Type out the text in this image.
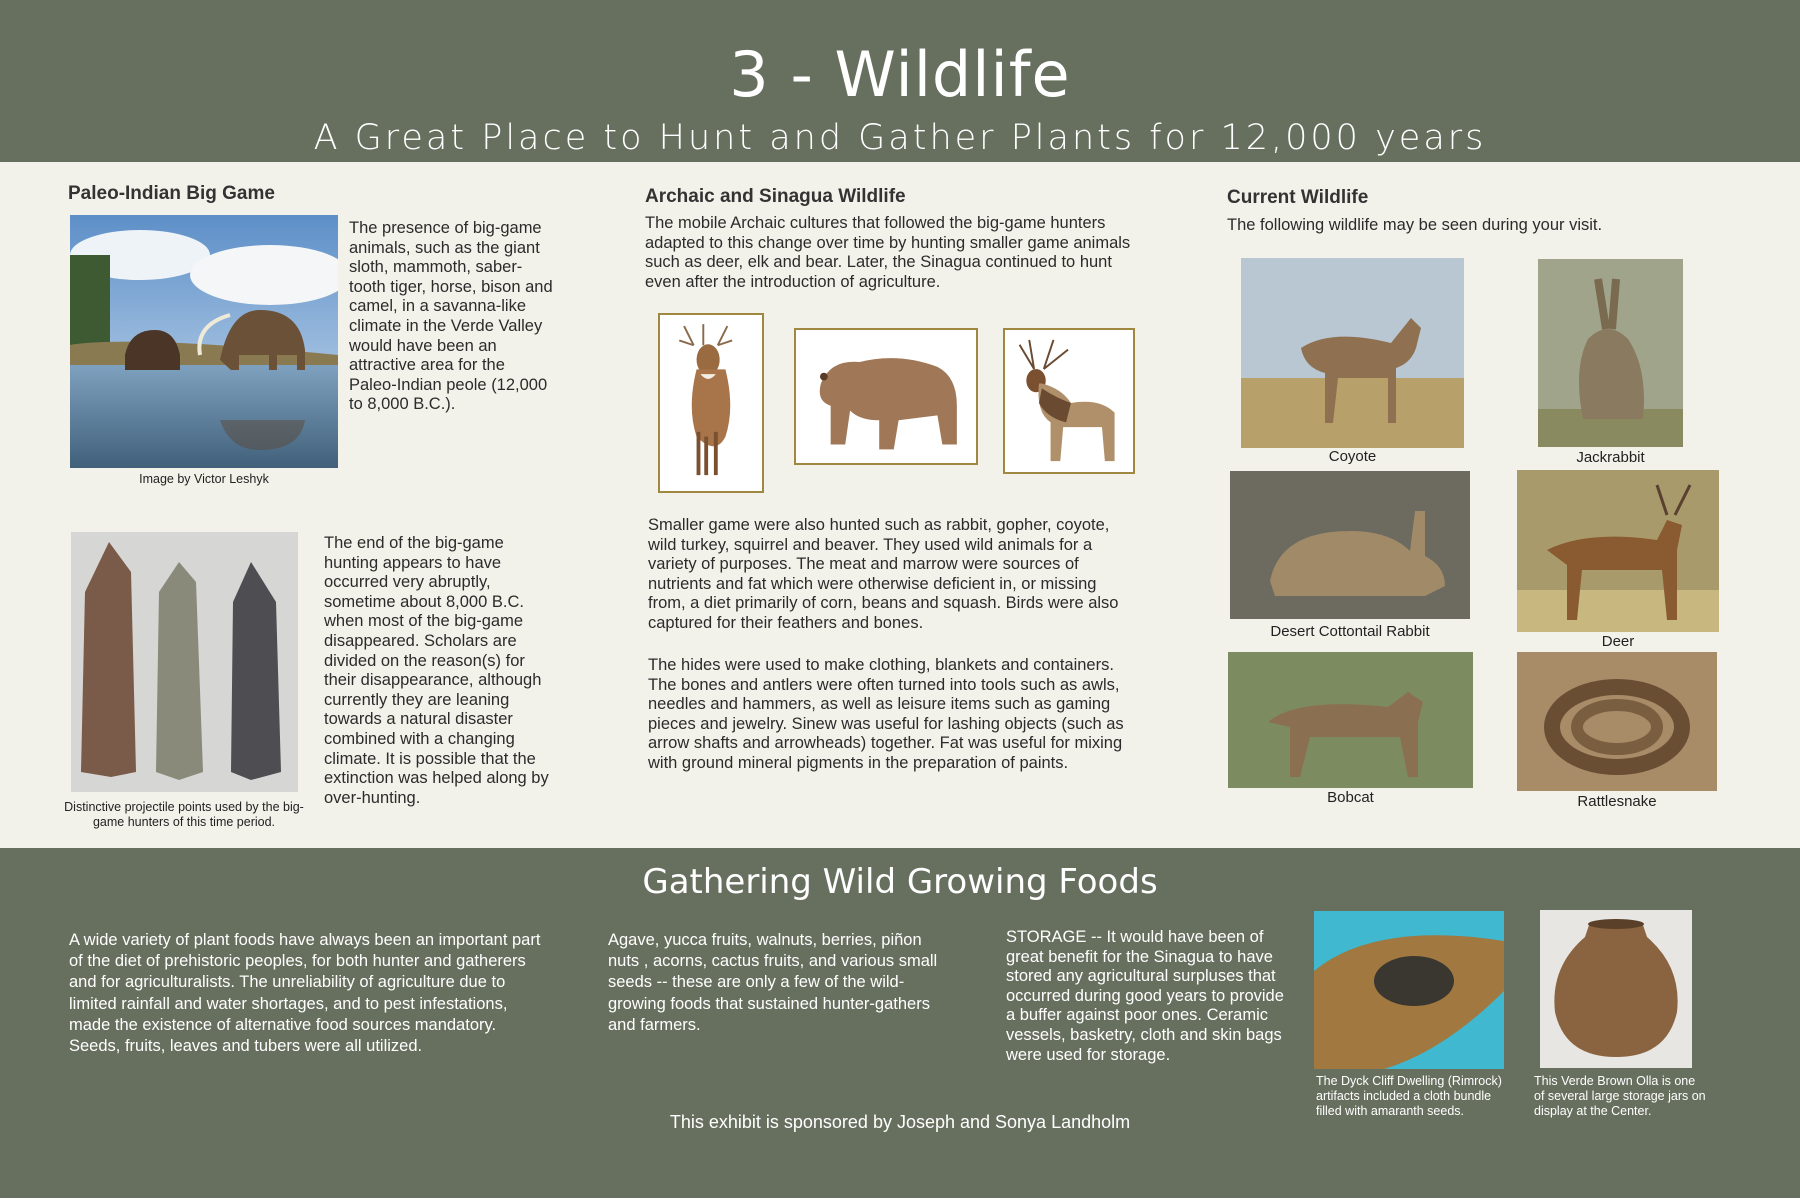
3 - Wildlife
A Great Place to Hunt and Gather Plants for 12,000 years
Paleo-Indian Big Game
Image by Victor Leshyk
The presence of big-game animals, such as the giant sloth, mammoth, saber-tooth tiger, horse, bison and camel, in a savanna-like climate in the Verde Valley would have been an attractive area for the Paleo-Indian peole (12,000 to 8,000 B.C.).
Distinctive projectile points used by the big-game hunters of this time period.
The end of the big-game hunting appears to have occurred very abruptly, sometime about 8,000 B.C. when most of the big-game disappeared. Scholars are divided on the reason(s) for their disappearance, although currently they are leaning towards a natural disaster combined with a changing climate. It is possible that the extinction was helped along by over-hunting.
Archaic and Sinagua Wildlife
The mobile Archaic cultures that followed the big-game hunters adapted to this change over time by hunting smaller game animals such as deer, elk and bear. Later, the Sinagua continued to hunt even after the introduction of agriculture.
Smaller game were also hunted such as rabbit, gopher, coyote, wild turkey, squirrel and beaver. They used wild animals for a variety of purposes. The meat and marrow were sources of nutrients and fat which were otherwise deficient in, or missing from, a diet primarily of corn, beans and squash. Birds were also captured for their feathers and bones.
The hides were used to make clothing, blankets and containers. The bones and antlers were often turned into tools such as awls, needles and hammers, as well as leisure items such as gaming pieces and jewelry. Sinew was useful for lashing objects (such as arrow shafts and arrowheads) together. Fat was useful for mixing with ground mineral pigments in the preparation of paints.
Current Wildlife
The following wildlife may be seen during your visit.
Coyote	Jackrabbit
Desert Cottontail Rabbit
Deer
Bobcat	Rattlesnake
Gathering Wild Growing Foods
A wide variety of plant foods have always been an important part of the diet of prehistoric peoples, for both hunter and gatherers and for agriculturalists. The unreliability of agriculture due to limited rainfall and water shortages, and to pest infestations, made the existence of alternative food sources mandatory. Seeds, fruits, leaves and tubers were all utilized.
Agave, yucca fruits, walnuts, berries, piñon nuts , acorns, cactus fruits, and various small seeds -- these are only a few of the wild-growing foods that sustained hunter-gathers and farmers.
STORAGE -- It would have been of great benefit for the Sinagua to have stored any agricultural surpluses that occurred during good years to provide a buffer against poor ones. Ceramic vessels, basketry, cloth and skin bags were used for storage.
The Dyck Cliff Dwelling (Rimrock) artifacts included a cloth bundle filled with amaranth seeds.
This Verde Brown Olla is one of several large storage jars on display at the Center.
This exhibit is sponsored by Joseph and Sonya Landholm
